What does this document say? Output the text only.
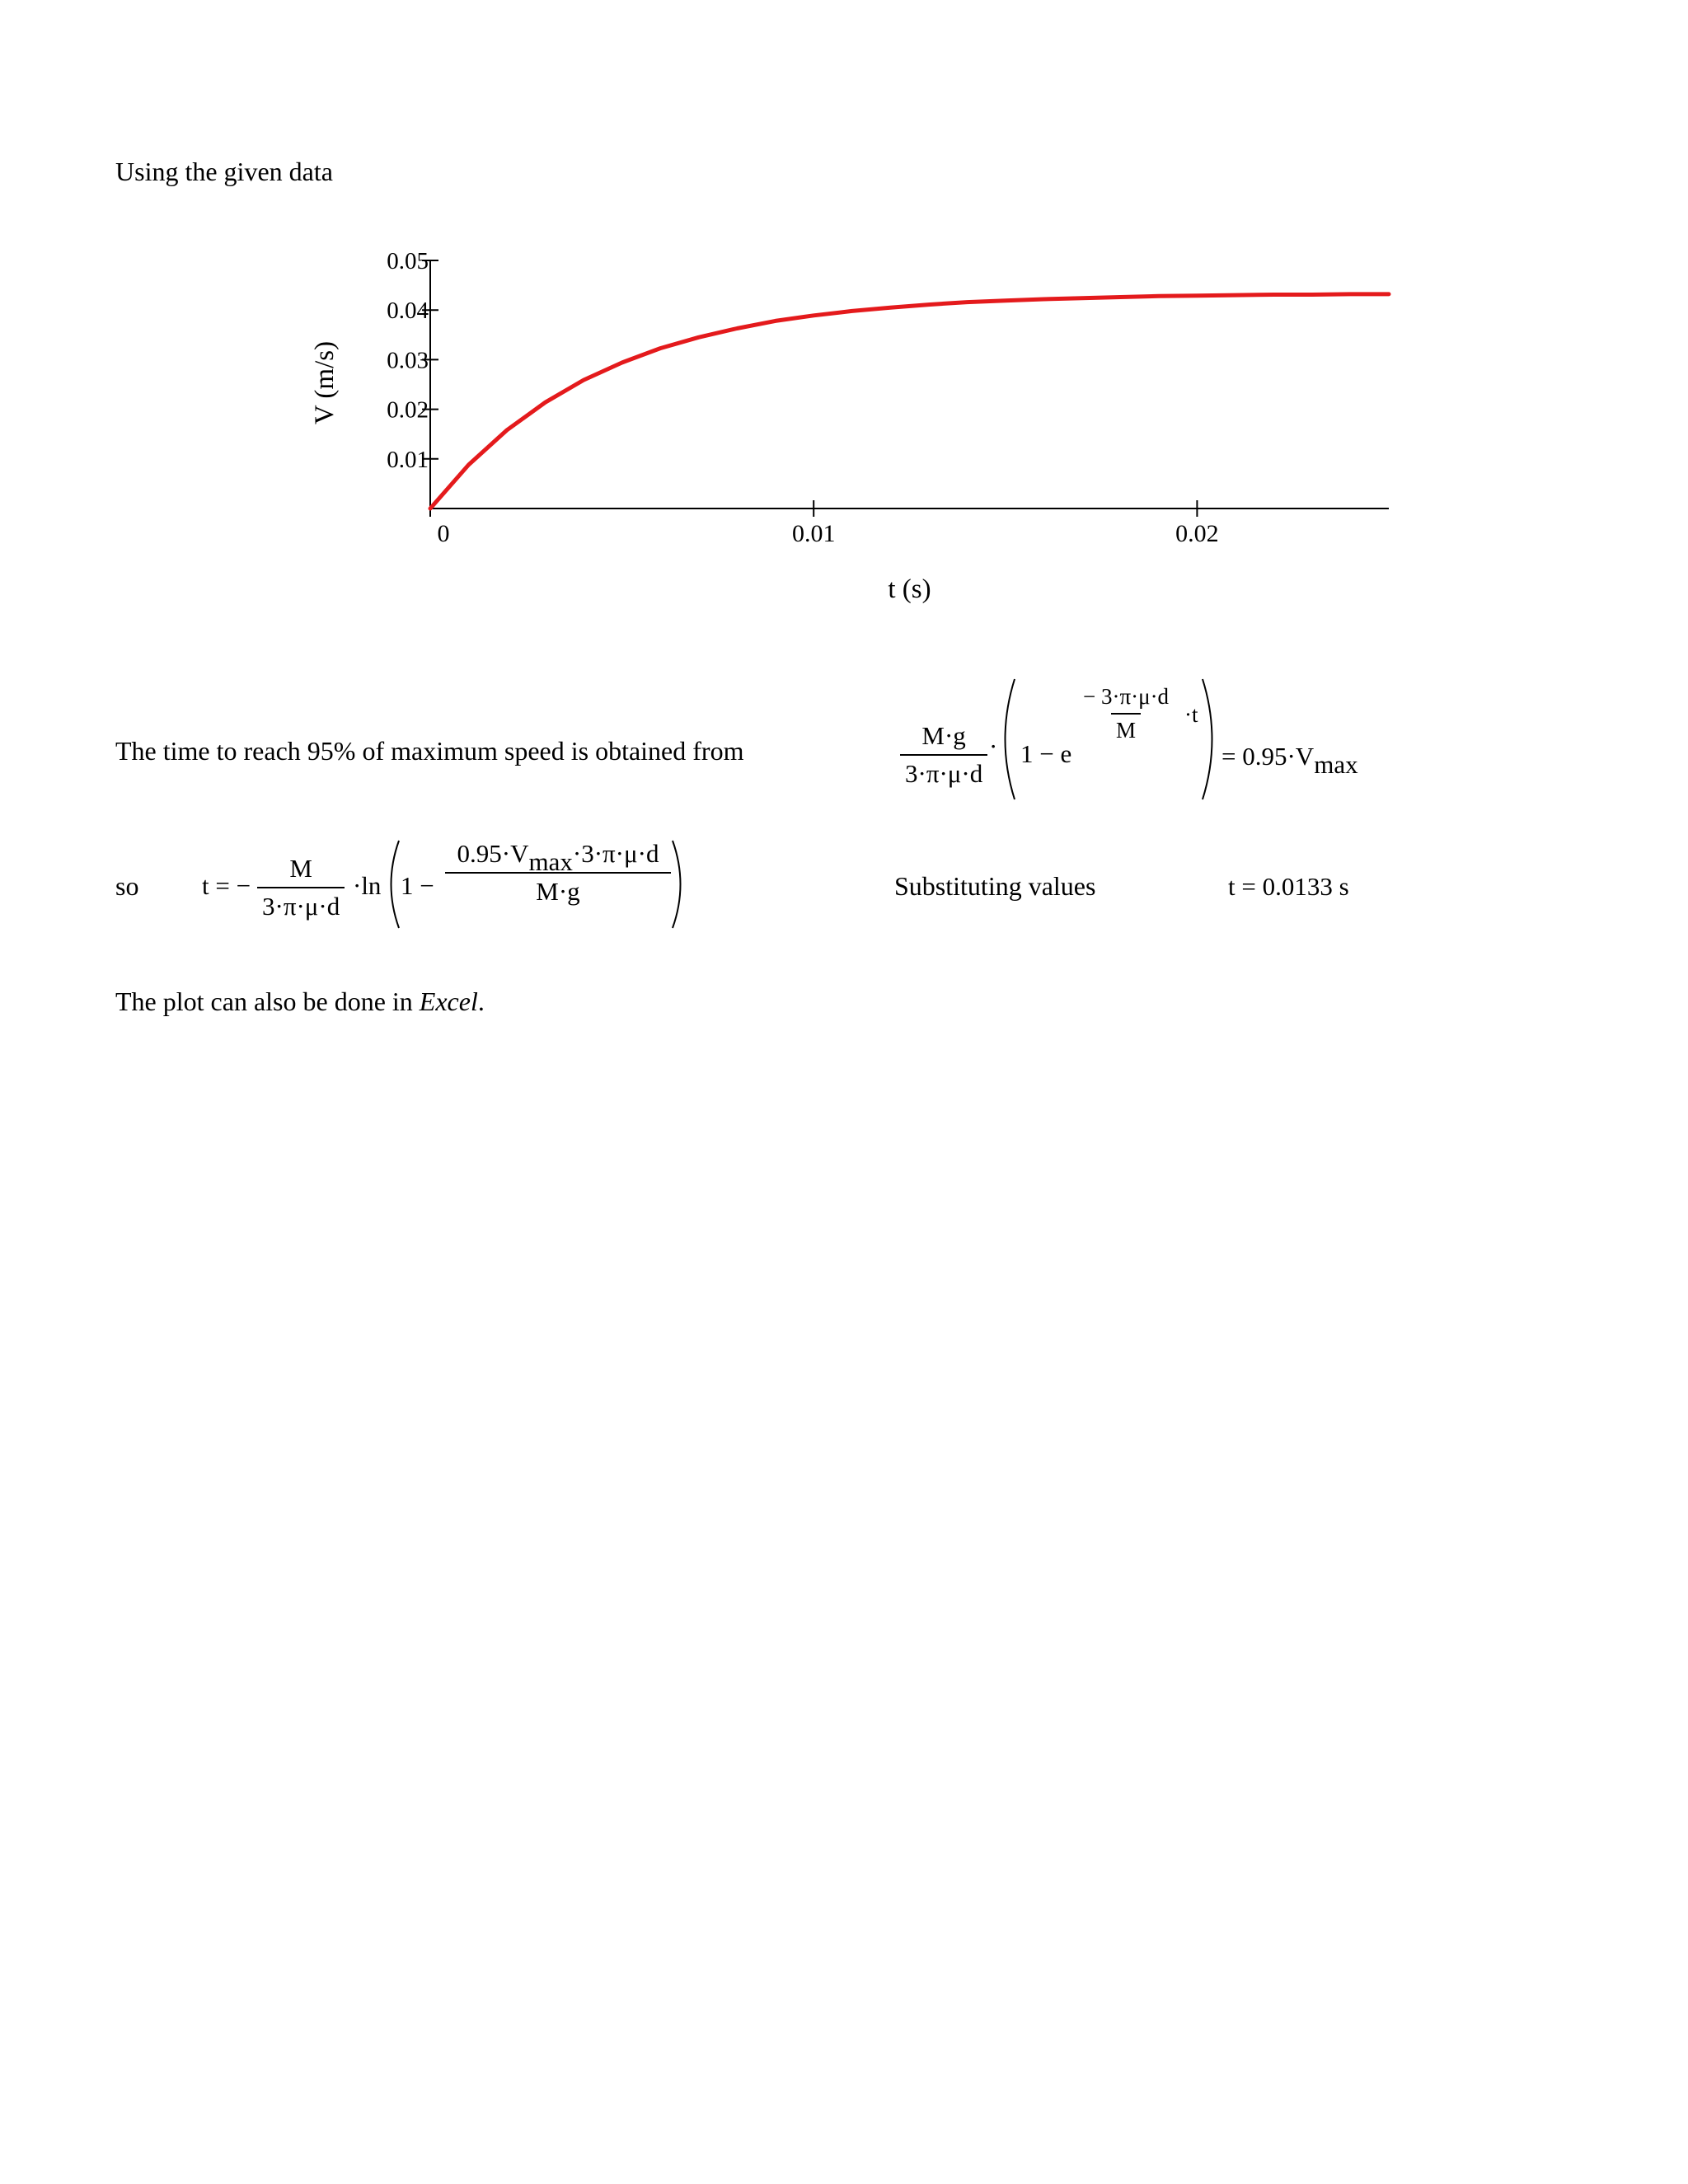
Using the given data
0	0.01	0.02
0.01
0.02
0.03
0.04
0.05
t (s)
V (m/s)
The time to reach 95% of maximum speed is obtained from	$\frac{M\cdot g}{3\cdot\pi\cdot\mu\cdot d} \cdot 1 - e$
$\frac{- 3\cdot\pi\cdot\mu\cdot d}{M} \cdot t$
= 0.95·Vmax
so t = − $\frac{M}{3\cdot\pi\cdot\mu\cdot d} \cdot\ln$ $1 - \frac{0.95\cdot Vmax\cdot 3\cdot\pi\cdot\mu\cdot d}{M\cdot g}$	Substituting values	t = 0.0133 s
The plot can also be done in Excel.
